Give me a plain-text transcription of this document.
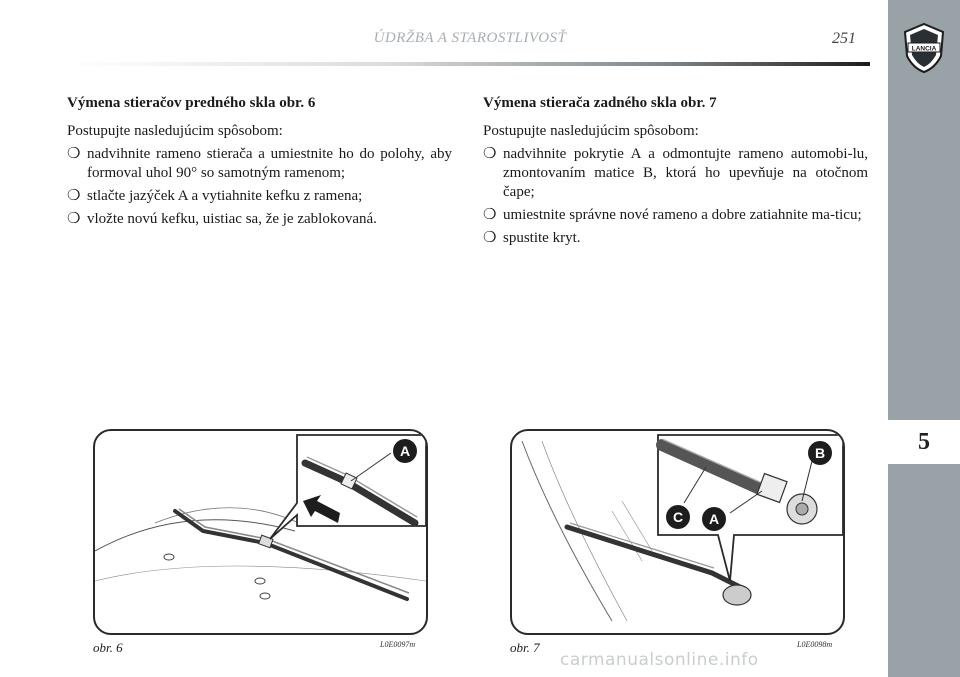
ÚDRŽBA A STAROSTLIVOSŤ	251
LANCIA
5

Výmena stieračov predného skla obr. 6

Postupujte nasledujúcim spôsobom:

❍ nadvihnite rameno stierača a umiestnite ho do polohy, aby formoval uhol 90° so samotným ramenom;
❍ stlačte jazýček A a vytiahnite kefku z ramena;
❍ vložte novú kefku, uistiac sa, že je zablokovaná.

Výmena stierača zadného skla obr. 7

Postupujte nasledujúcim spôsobom:

❍ nadvihnite pokrytie A a odmontujte rameno automobi-lu, zmontovaním matice B, ktorá ho upevňuje na otočnom čape;
❍ umiestnite správne nové rameno a dobre zatiahnite ma-ticu;
❍ spustite kryt.
A
obr. 6	L0E0097m
B
C A
obr. 7	L0E0098m
carmanualsonline.info
